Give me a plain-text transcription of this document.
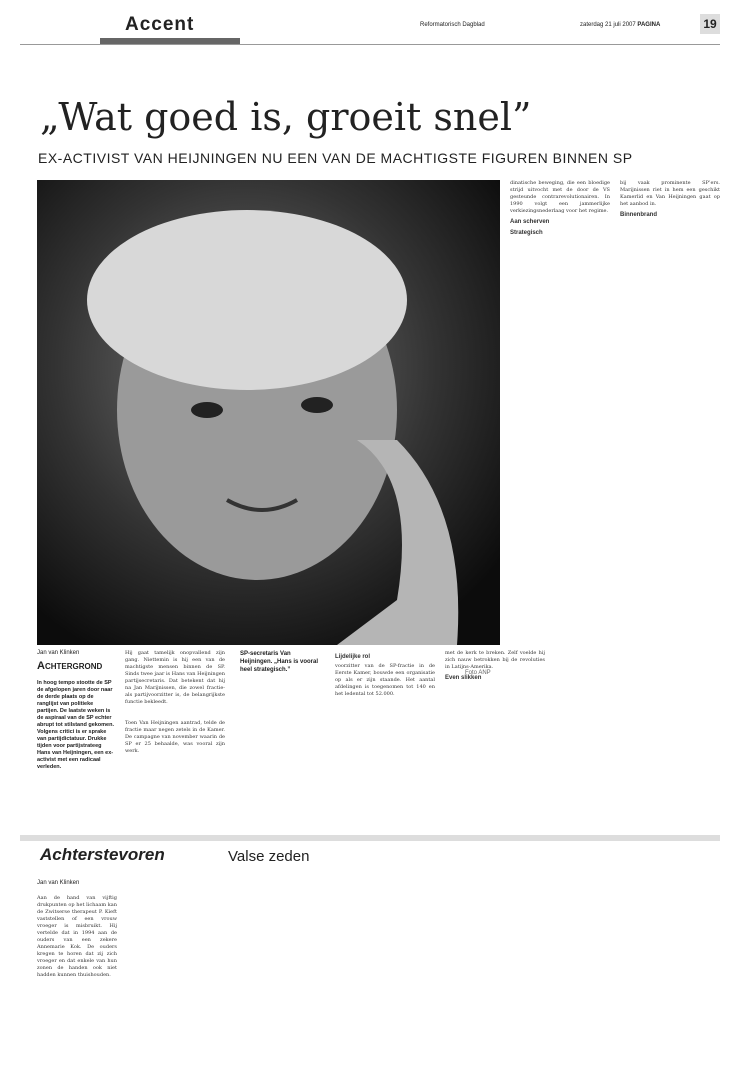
Accent	Reformatorisch Dagblad	zaterdag 21 juli 2007 PAGINA	19
„Wat goed is, groeit snel”
EX-ACTIVIST VAN HEIJNINGEN NU EEN VAN DE MACHTIGSTE FIGUREN BINNEN SP
Foto ANP
Jan van Klinken
Achtergrond
In hoog tempo stootte de SP de afgelopen jaren door naar de derde plaats op de ranglijst van politieke partijen. De laatste weken is de aspiraal van de SP echter abrupt tot stilstand gekomen. Volgens critici is er sprake van partijdictatuur. Drukke tijden voor partijstrateeg Hans van Heijningen, een ex-activist met een radicaal verleden.
SP-secretaris Van Heijningen. „Hans is vooral heel strategisch.”

Hij gaat tamelijk onopvallend zijn gang. Niettemin is hij een van de machtigste mensen binnen de SP. Sinds twee jaar is Hans van Heijningen partijsecretaris. Dat betekent dat hij na Jan Marijnissen, die zowel fractie- als partijvoorzitter is, de belangrijkste functie bekleedt.

Toen Van Heijningen aantrad, telde de fractie maar negen zetels in de Kamer. De campagne van november waarin de SP er 25 behaalde, was vooral zijn werk.

Lijdelijke rol

voorzitter van de SP-fractie in de Eerste Kamer, bouwde een organisatie op als er zijn staande. Het aantal afdelingen is toegenomen tot 140 en het ledental tot 52.000.

met de kerk te breken. Zelf voelde hij zich nauw betrokken bij de revoluties in Latijns-Amerika.

Even slikken

dinatische beweging, die een bloedige strijd uitvocht met de door de VS gesteunde contrarevolutionairen. In 1990 volgt een jammerlijke verkiezingsnederlaag voor het regime.

Aan scherven
Strategisch

bij vaak prominente SP’ers. Marijnissen riet in hem een geschikt Kamerlid en Van Heijningen gaat op het aanbod in.

Binnenbrand
Achterstevoren	Valse zeden
Jan van Klinken

Aan de hand van vijftig drukpunten op het lichaam kan de Zwitserse therapeut P. Kieft vaststellen of een vrouw vroeger is misbruikt. Hij vertelde dat in 1994 aan de ouders van een zekere Annemarie Kok. De ouders kregen te horen dat zij zich vroeger en dat enkele van hun zonen de handen ook niet hadden kunnen thuishouden.
